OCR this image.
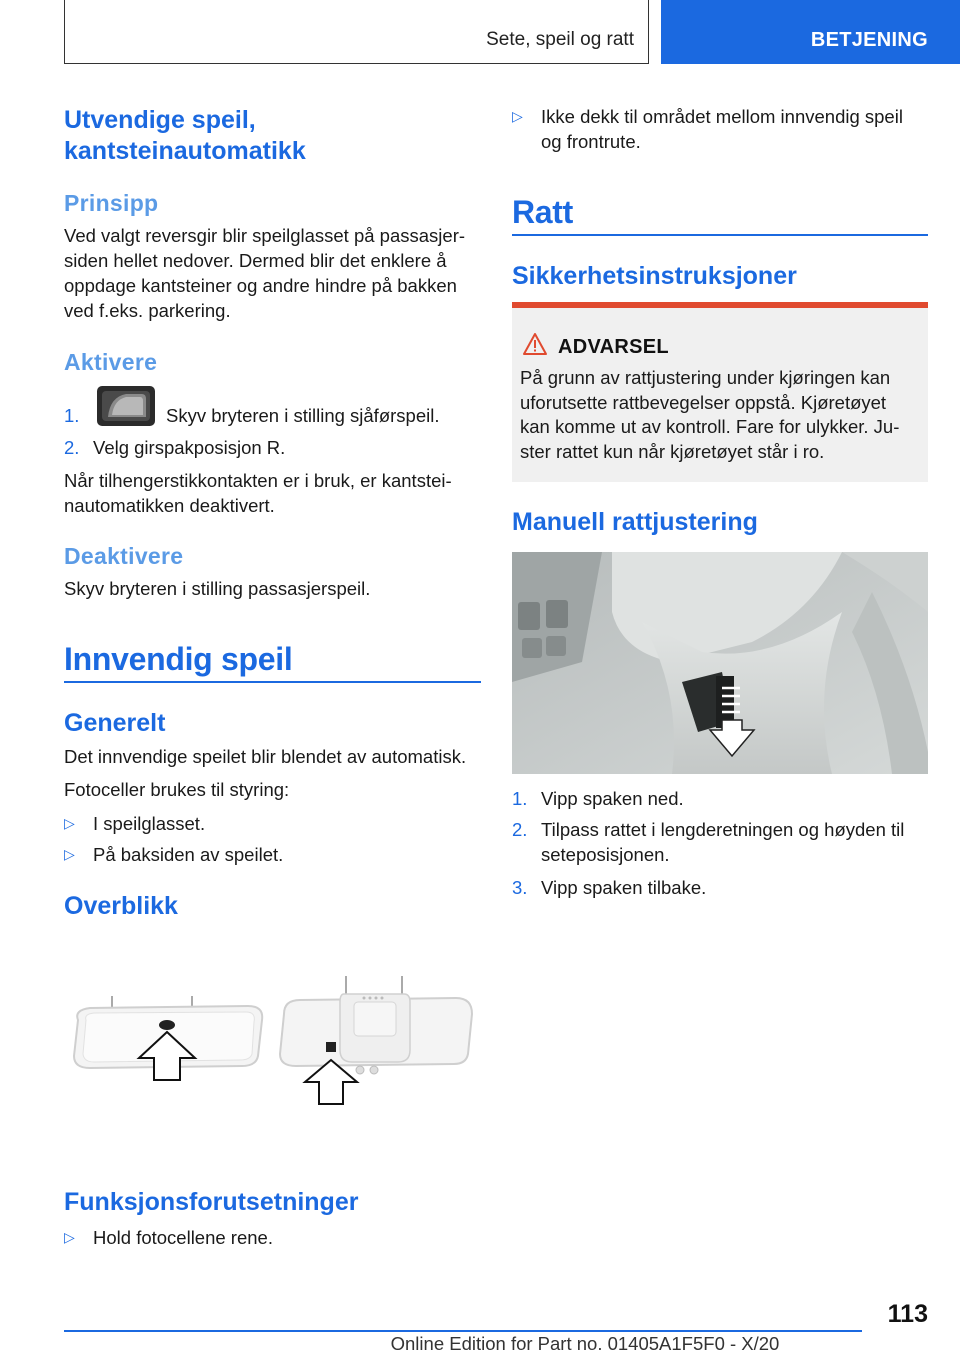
Sete, speil og ratt	BETJENING
Utvendige speil,
kantsteinautomatikk
Prinsipp
Ved valgt reversgir blir speilglasset på passasjer-
siden hellet nedover. Dermed blir det enklere å
oppdage kantsteiner og andre hindre på bakken
ved f.eks. parkering.
Aktivere
1.	Skyv bryteren i stilling sjåførspeil.
2. Velg girspakposisjon R.
Når tilhengerstikkontakten er i bruk, er kantstei-
nautomatikken deaktivert.
Deaktivere
Skyv bryteren i stilling passasjerspeil.
Innvendig speil
Generelt
Det innvendige speilet blir blendet av automatisk.
Fotoceller brukes til styring:
▷ I speilglasset.
▷ På baksiden av speilet.
Overblikk
Funksjonsforutsetninger
▷ Hold fotocellene rene.
▷ Ikke dekk til området mellom innvendig speil
og frontrute.
Ratt
Sikkerhetsinstruksjoner
ADVARSEL
På grunn av rattjustering under kjøringen kan
uforutsette rattbevegelser oppstå. Kjøretøyet
kan komme ut av kontroll. Fare for ulykker. Ju-
ster rattet kun når kjøretøyet står i ro.
Manuell rattjustering
1. Vipp spaken ned.
2. Tilpass rattet i lengderetningen og høyden til
seteposisjonen.
3. Vipp spaken tilbake.
113
Online Edition for Part no. 01405A1F5F0 - X/20
